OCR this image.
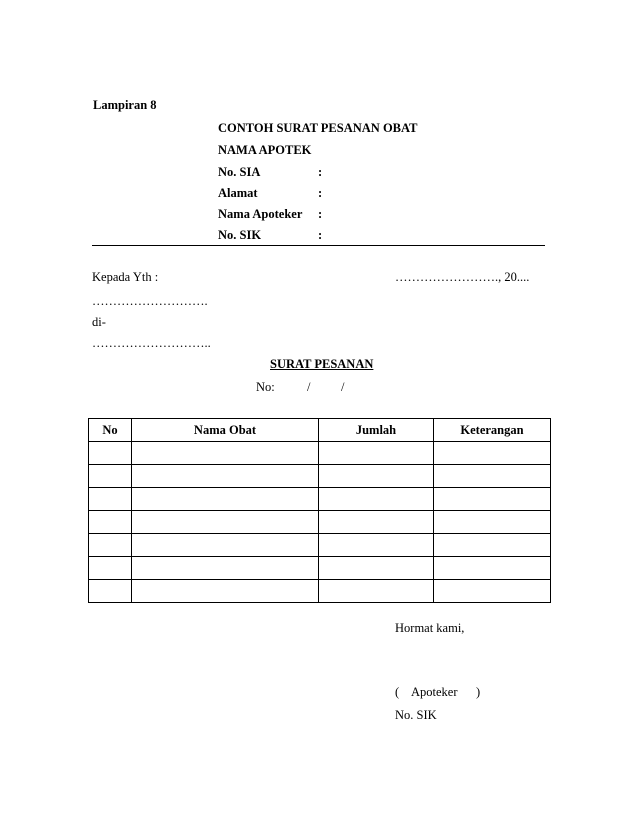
Lampiran 8
CONTOH SURAT PESANAN OBAT
NAMA APOTEK
No. SIA	:
Alamat	:
Nama Apoteker :
No. SIK	:
Kepada Yth :	……………………., 20....
……………………….
di-
………………………..
SURAT PESANAN
No:	/ /
No	Nama Obat	Jumlah	Keterangan

Hormat kami,
( Apoteker )
No. SIK
